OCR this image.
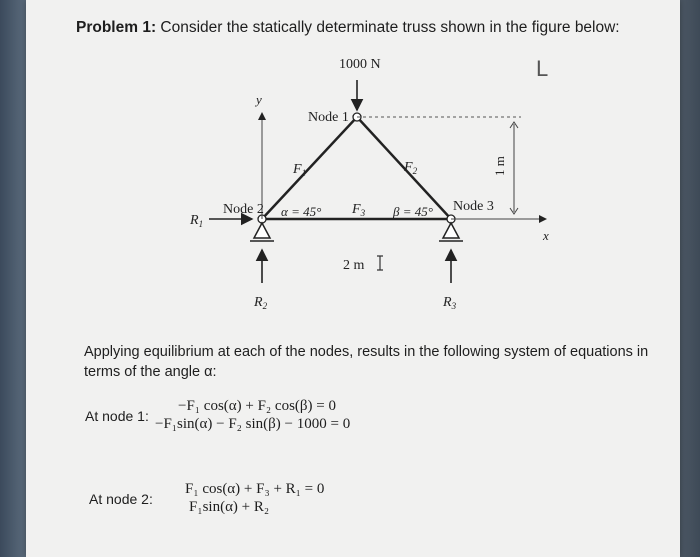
Problem 1: Consider the statically determinate truss shown in the figure below:
L
1000 N
Node 1
Node 2	Node 3
$F_1$	$F_2$
$F_3$
α = 45°	β = 45°
y
x
1 m
2 m
$R_1$
$R_2$	$R_3$
Applying equilibrium at each of the nodes, results in the following system of equations in terms of the angle α:
At node 1:
−F₁ cos(α) + F₂ cos(β) = 0
−F₁sin(α) − F₂ sin(β) − 1000 = 0
At node 2:
F₁ cos(α) + F₃ + R₁ = 0
F₁sin(α) + R₂
